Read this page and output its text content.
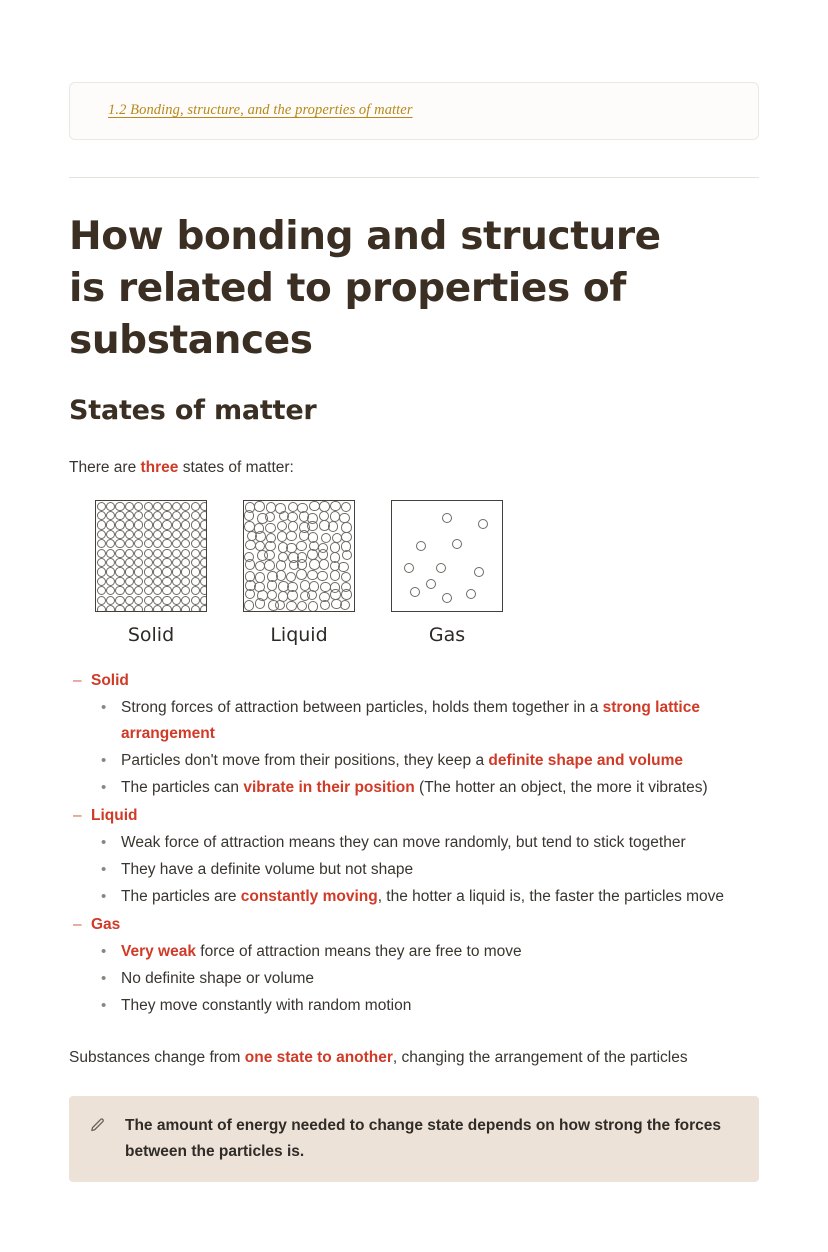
1.2 Bonding, structure, and the properties of matter
How bonding and structure is related to properties of substances
States of matter

There are three states of matter:

Solid	Liquid	Gas
– Solid
• Strong forces of attraction between particles, holds them together in a strong lattice arrangement
• Particles don't move from their positions, they keep a definite shape and volume
• The particles can vibrate in their position (The hotter an object, the more it vibrates)
– Liquid
• Weak force of attraction means they can move randomly, but tend to stick together
• They have a definite volume but not shape
• The particles are constantly moving, the hotter a liquid is, the faster the particles move
– Gas
• Very weak force of attraction means they are free to move
• No definite shape or volume
• They move constantly with random motion

Substances change from one state to another, changing the arrangement of the particles

The amount of energy needed to change state depends on how strong the forces between the particles is.
